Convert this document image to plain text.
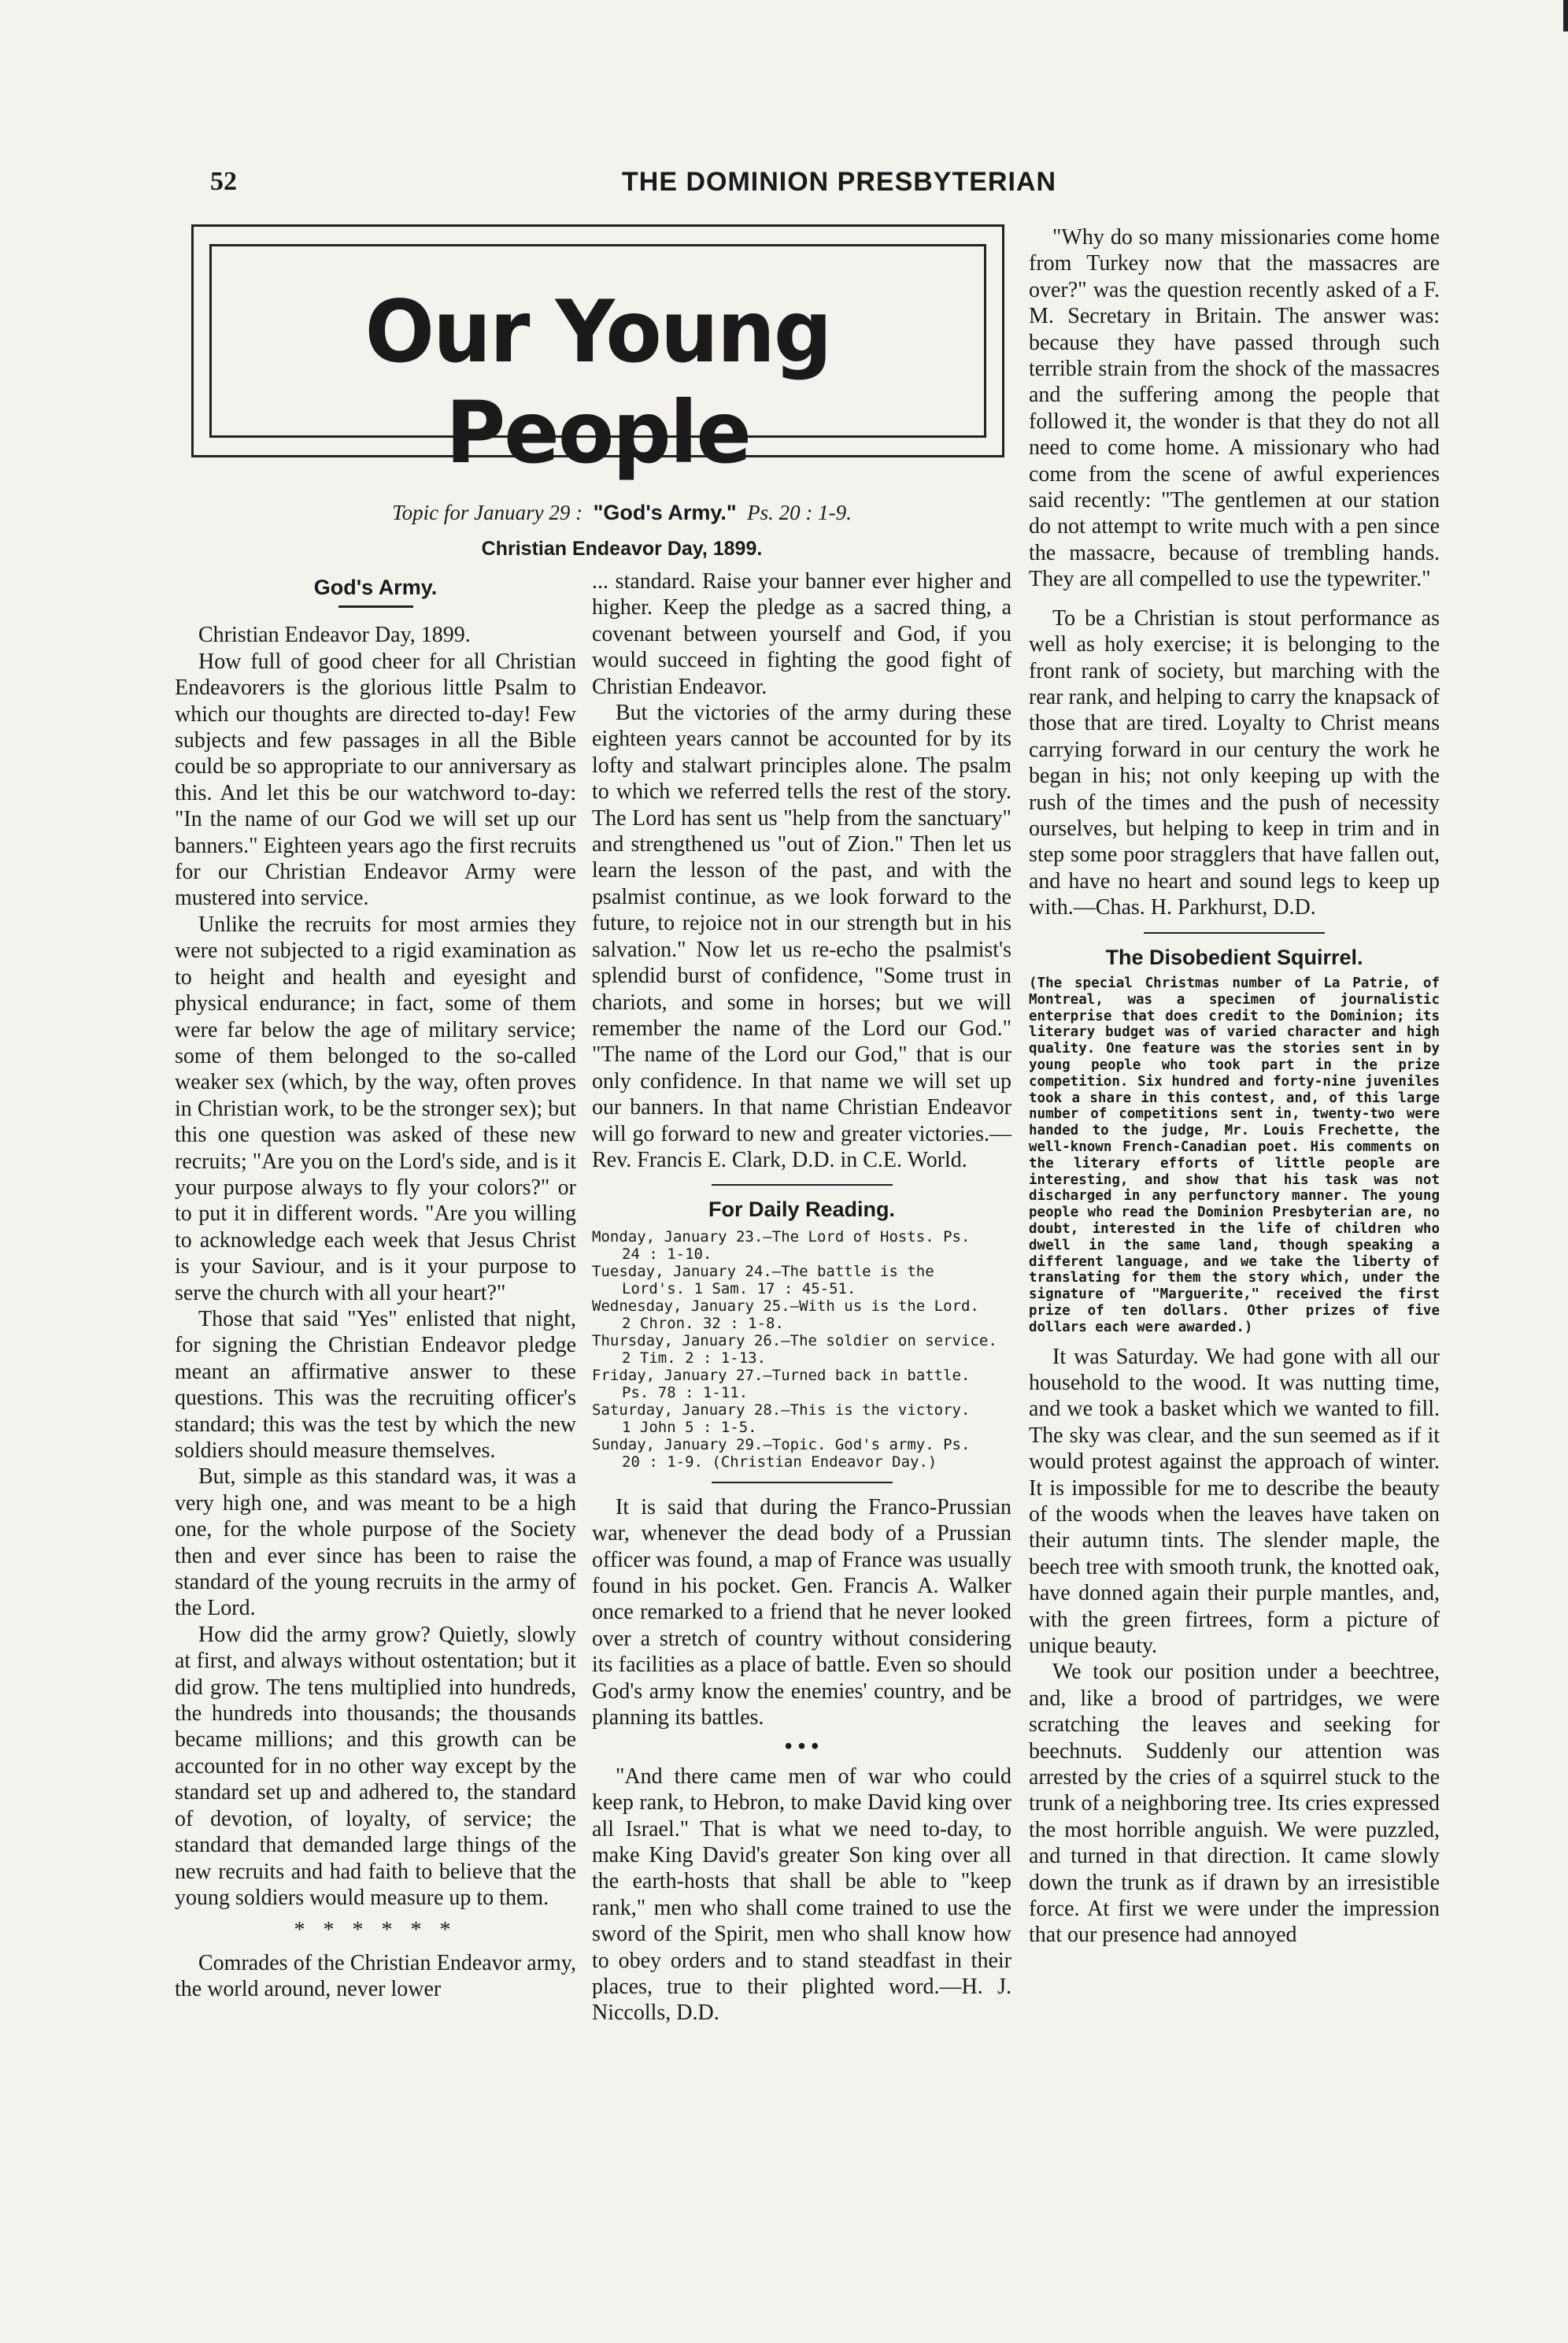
52	THE DOMINION PRESBYTERIAN
Our Young People
Topic for January 29 : "God's Army." Ps. 20 : 1-9.
Christian Endeavor Day, 1899.
God's Army.

Christian Endeavor Day, 1899.

How full of good cheer for all Christian Endeavorers is the glorious little Psalm to which our thoughts are directed to-day! Few subjects and few passages in all the Bible could be so appropriate to our anniversary as this. And let this be our watchword to-day: "In the name of our God we will set up our banners." Eighteen years ago the first recruits for our Christian Endeavor Army were mustered into service.

Unlike the recruits for most armies they were not subjected to a rigid examination as to height and health and eyesight and physical endurance; in fact, some of them were far below the age of military service; some of them belonged to the so-called weaker sex (which, by the way, often proves in Christian work, to be the stronger sex); but this one question was asked of these new recruits; "Are you on the Lord's side, and is it your purpose always to fly your colors?" or to put it in different words. "Are you willing to acknowledge each week that Jesus Christ is your Saviour, and is it your purpose to serve the church with all your heart?"

Those that said "Yes" enlisted that night, for signing the Christian Endeavor pledge meant an affirmative answer to these questions. This was the recruiting officer's standard; this was the test by which the new soldiers should measure themselves.

But, simple as this standard was, it was a very high one, and was meant to be a high one, for the whole purpose of the Society then and ever since has been to raise the standard of the young recruits in the army of the Lord.

How did the army grow? Quietly, slowly at first, and always without ostentation; but it did grow. The tens multiplied into hundreds, the hundreds into thousands; the thousands became millions; and this growth can be accounted for in no other way except by the standard set up and adhered to, the standard of devotion, of loyalty, of service; the standard that demanded large things of the new recruits and had faith to believe that the young soldiers would measure up to them.

* * * * * *

Comrades of the Christian Endeavor army, the world around, never lower

... standard. Raise your banner ever higher and higher. Keep the pledge as a sacred thing, a covenant between yourself and God, if you would succeed in fighting the good fight of Christian Endeavor.

But the victories of the army during these eighteen years cannot be accounted for by its lofty and stalwart principles alone. The psalm to which we referred tells the rest of the story. The Lord has sent us "help from the sanctuary" and strengthened us "out of Zion." Then let us learn the lesson of the past, and with the psalmist continue, as we look forward to the future, to rejoice not in our strength but in his salvation." Now let us re-echo the psalmist's splendid burst of confidence, "Some trust in chariots, and some in horses; but we will remember the name of the Lord our God." "The name of the Lord our God," that is our only confidence. In that name we will set up our banners. In that name Christian Endeavor will go forward to new and greater victories.—Rev. Francis E. Clark, D.D. in C.E. World.

For Daily Reading.
Monday, January 23.—The Lord of Hosts. Ps.
24 : 1-10.
Tuesday, January 24.—The battle is the
Lord's. 1 Sam. 17 : 45-51.
Wednesday, January 25.—With us is the Lord.
2 Chron. 32 : 1-8.
Thursday, January 26.—The soldier on service.
2 Tim. 2 : 1-13.
Friday, January 27.—Turned back in battle.
Ps. 78 : 1-11.
Saturday, January 28.—This is the victory.
1 John 5 : 1-5.
Sunday, January 29.—Topic. God's army. Ps.
20 : 1-9. (Christian Endeavor Day.)

It is said that during the Franco-Prussian war, whenever the dead body of a Prussian officer was found, a map of France was usually found in his pocket. Gen. Francis A. Walker once remarked to a friend that he never looked over a stretch of country without considering its facilities as a place of battle. Even so should God's army know the enemies' country, and be planning its battles.

• • •

"And there came men of war who could keep rank, to Hebron, to make David king over all Israel." That is what we need to-day, to make King David's greater Son king over all the earth-hosts that shall be able to "keep rank," men who shall come trained to use the sword of the Spirit, men who shall know how to obey orders and to stand steadfast in their places, true to their plighted word.—H. J. Niccolls, D.D.

"Why do so many missionaries come home from Turkey now that the massacres are over?" was the question recently asked of a F. M. Secretary in Britain. The answer was: because they have passed through such terrible strain from the shock of the massacres and the suffering among the people that followed it, the wonder is that they do not all need to come home. A missionary who had come from the scene of awful experiences said recently: "The gentlemen at our station do not attempt to write much with a pen since the massacre, because of trembling hands. They are all compelled to use the typewriter."

To be a Christian is stout performance as well as holy exercise; it is belonging to the front rank of society, but marching with the rear rank, and helping to carry the knapsack of those that are tired. Loyalty to Christ means carrying forward in our century the work he began in his; not only keeping up with the rush of the times and the push of necessity ourselves, but helping to keep in trim and in step some poor stragglers that have fallen out, and have no heart and sound legs to keep up with.—Chas. H. Parkhurst, D.D.

The Disobedient Squirrel.
(The special Christmas number of La Patrie, of Montreal, was a specimen of journalistic enterprise that does credit to the Dominion; its literary budget was of varied character and high quality. One feature was the stories sent in by young people who took part in the prize competition. Six hundred and forty-nine juveniles took a share in this contest, and, of this large number of competitions sent in, twenty-two were handed to the judge, Mr. Louis Frechette, the well-known French-Canadian poet. His comments on the literary efforts of little people are interesting, and show that his task was not discharged in any perfunctory manner. The young people who read the Dominion Presbyterian are, no doubt, interested in the life of children who dwell in the same land, though speaking a different language, and we take the liberty of translating for them the story which, under the signature of "Marguerite," received the first prize of ten dollars. Other prizes of five dollars each were awarded.)

It was Saturday. We had gone with all our household to the wood. It was nutting time, and we took a basket which we wanted to fill. The sky was clear, and the sun seemed as if it would protest against the approach of winter. It is impossible for me to describe the beauty of the woods when the leaves have taken on their autumn tints. The slender maple, the beech tree with smooth trunk, the knotted oak, have donned again their purple mantles, and, with the green firtrees, form a picture of unique beauty.

We took our position under a beechtree, and, like a brood of partridges, we were scratching the leaves and seeking for beechnuts. Suddenly our attention was arrested by the cries of a squirrel stuck to the trunk of a neighboring tree. Its cries expressed the most horrible anguish. We were puzzled, and turned in that direction. It came slowly down the trunk as if drawn by an irresistible force. At first we were under the impression that our presence had annoyed
